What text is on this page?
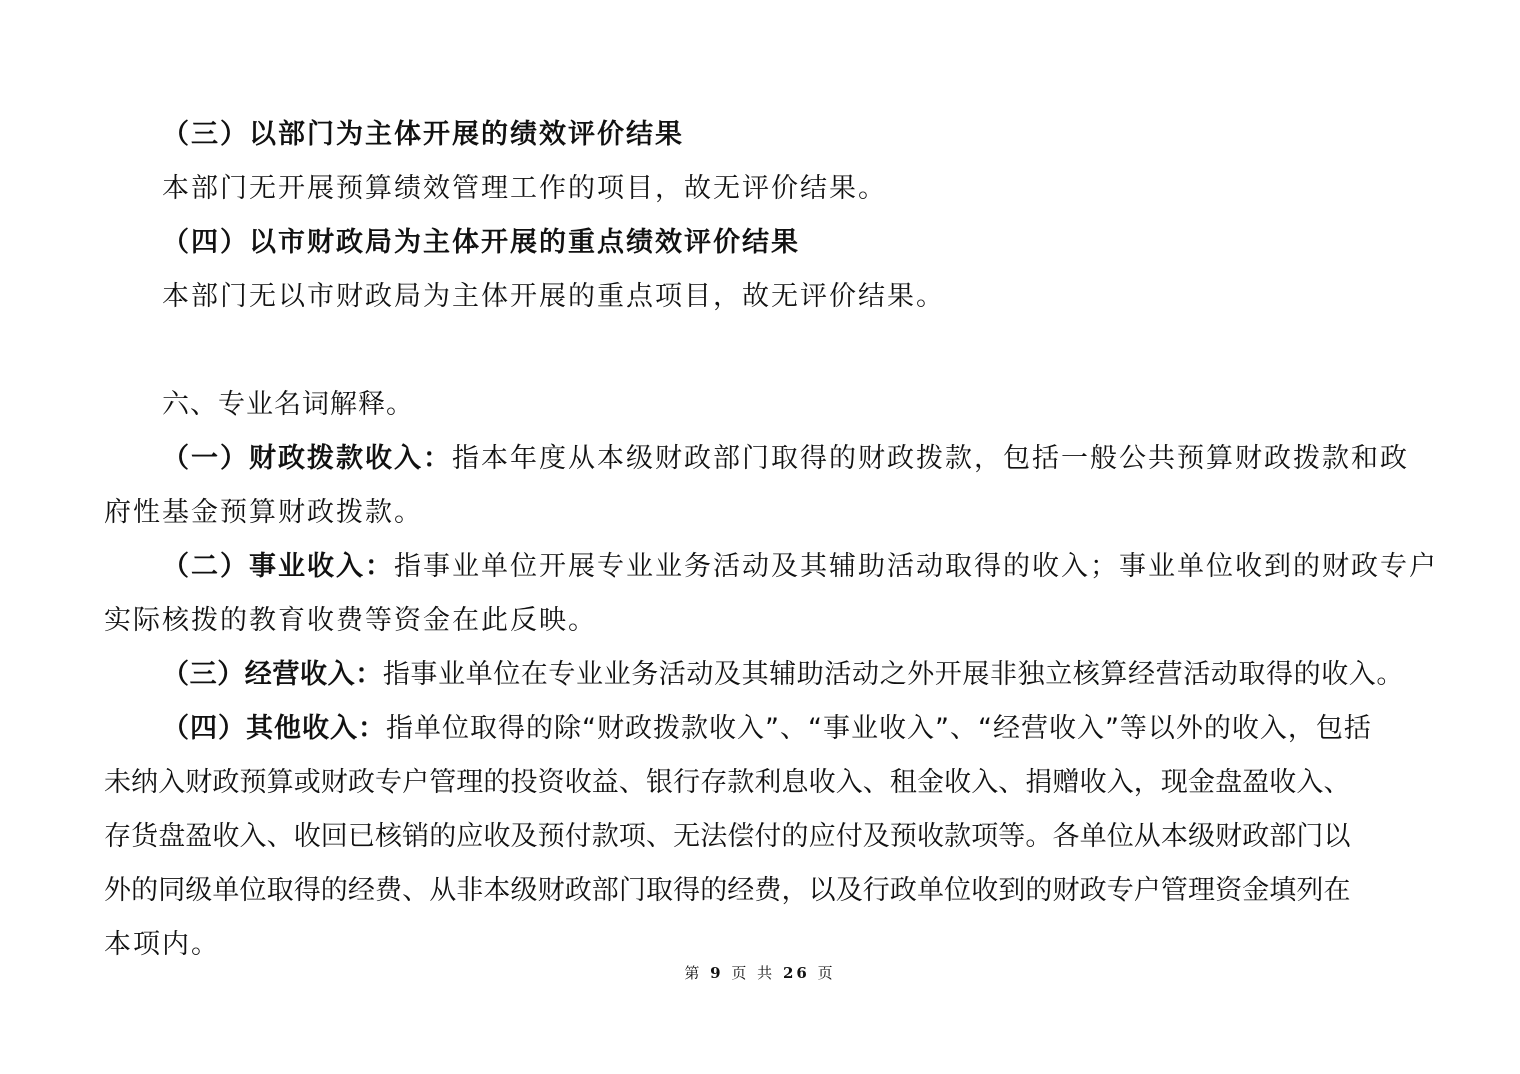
（三）以部门为主体开展的绩效评价结果
本部门无开展预算绩效管理工作的项目，故无评价结果。
（四）以市财政局为主体开展的重点绩效评价结果
本部门无以市财政局为主体开展的重点项目，故无评价结果。
六、专业名词解释。
（一）财政拨款收入：指本年度从本级财政部门取得的财政拨款，包括一般公共预算财政拨款和政
府性基金预算财政拨款。
（二）事业收入：指事业单位开展专业业务活动及其辅助活动取得的收入；事业单位收到的财政专户
实际核拨的教育收费等资金在此反映。
（三）经营收入：指事业单位在专业业务活动及其辅助活动之外开展非独立核算经营活动取得的收入。
（四）其他收入：指单位取得的除“财政拨款收入”、“事业收入”、“经营收入”等以外的收入，包括
未纳入财政预算或财政专户管理的投资收益、银行存款利息收入、租金收入、捐赠收入，现金盘盈收入、
存货盘盈收入、收回已核销的应收及预付款项、无法偿付的应付及预收款项等。各单位从本级财政部门以
外的同级单位取得的经费、从非本级财政部门取得的经费，以及行政单位收到的财政专户管理资金填列在
本项内。
第 9 页 共 26 页
